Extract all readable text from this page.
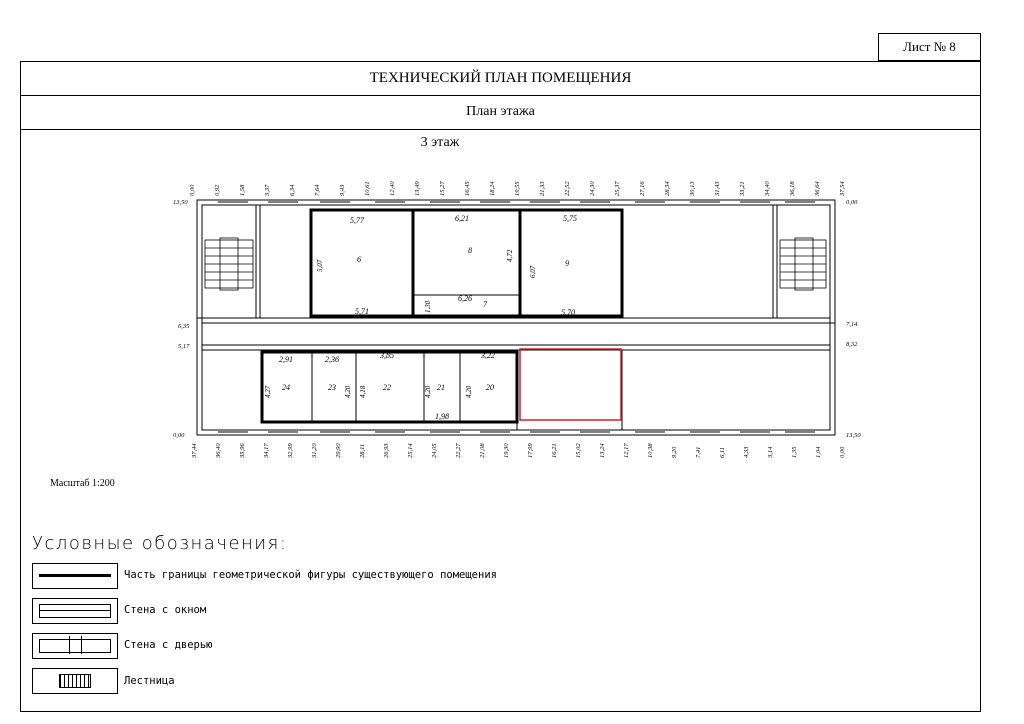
Лист № 8
ТЕХНИЧЕСКИЙ ПЛАН ПОМЕЩЕНИЯ
План этажа
3 этаж
6
5,77
5,71
8
6,21
7
6,26
9
5,75
5,70
24
2,91
23
2,36
22
3,85
21
1,98
20
3,22
5,07
4,72
1,30
6,07
4,27	4,20 4,18	4,20	4,20
0,00	0,92	1,58	3,37	6,34	7,64	9,43	10,61	12,40	13,49	15,27	16,45	18,24	19,55	21,33	22,52	24,30	25,37	27,16	28,34	30,13	31,43	33,21	34,40	36,18	36,64	37,54
37,44	36,40	35,96	34,17	32,99	31,20	29,90	28,11	26,93	25,14	24,05	22,27	21,08	19,30	17,99	16,21	15,02	13,24	12,17	10,38	9,20	7,41	6,11	4,33	3,14	1,35	1,04	0,00
13,50
6,35
5,17
0,00
0,00
7,14
8,32
13,50
Масштаб 1:200
Условные обозначения:
Часть границы геометрической фигуры существующего помещения
Стена с окном
Стена с дверью
Лестница
